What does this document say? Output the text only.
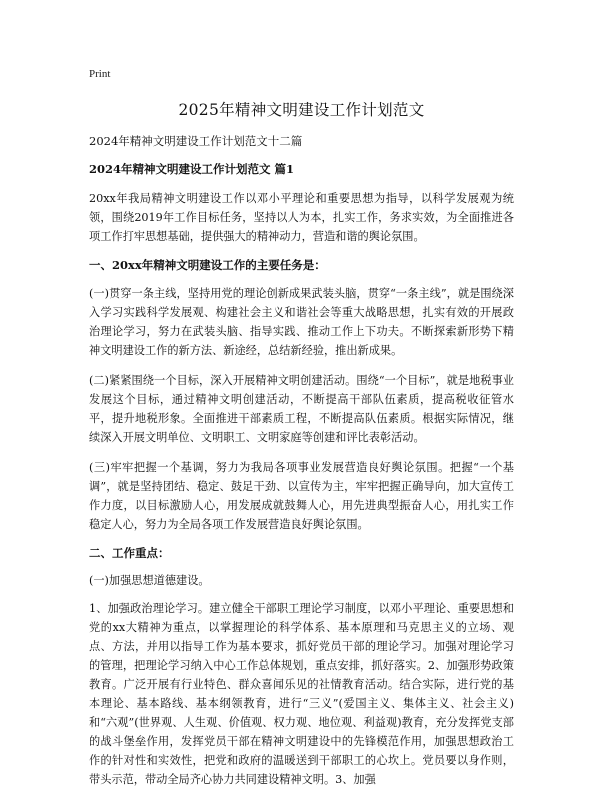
Print
2025年精神文明建设工作计划范文
2024年精神文明建设工作计划范文十二篇
2024年精神文明建设工作计划范文 篇1

20xx年我局精神文明建设工作以邓小平理论和重要思想为指导，以科学发展观为统领，围绕2019年工作目标任务，坚持以人为本，扎实工作，务求实效，为全面推进各项工作打牢思想基础，提供强大的精神动力，营造和谐的舆论氛围。

一、20xx年精神文明建设工作的主要任务是：

(一)贯穿一条主线，坚持用党的理论创新成果武装头脑，贯穿“一条主线”，就是围绕深入学习实践科学发展观、构建社会主义和谐社会等重大战略思想，扎实有效的开展政治理论学习，努力在武装头脑、指导实践、推动工作上下功夫。不断探索新形势下精神文明建设工作的新方法、新途经，总结新经验，推出新成果。

(二)紧紧围绕一个目标，深入开展精神文明创建活动。围绕“一个目标”，就是地税事业发展这个目标，通过精神文明创建活动，不断提高干部队伍素质，提高税收征管水平，提升地税形象。全面推进干部素质工程，不断提高队伍素质。根据实际情况，继续深入开展文明单位、文明职工、文明家庭等创建和评比表彰活动。

(三)牢牢把握一个基调，努力为我局各项事业发展营造良好舆论氛围。把握“一个基调”，就是坚持团结、稳定、鼓足干劲、以宣传为主，牢牢把握正确导向，加大宣传工作力度，以目标激励人心，用发展成就鼓舞人心，用先进典型振奋人心，用扎实工作稳定人心，努力为全局各项工作发展营造良好舆论氛围。

二、工作重点：
(一)加强思想道德建设。

1、加强政治理论学习。建立健全干部职工理论学习制度，以邓小平理论、重要思想和党的xx大精神为重点，以掌握理论的科学体系、基本原理和马克思主义的立场、观点、方法，并用以指导工作为基本要求，抓好党员干部的理论学习。加强对理论学习的管理，把理论学习纳入中心工作总体规划，重点安排，抓好落实。2、加强形势政策教育。广泛开展有行业特色、群众喜闻乐见的社情教育活动。结合实际，进行党的基本理论、基本路线、基本纲领教育，进行“三义”(爱国主义、集体主义、社会主义)和“六观”(世界观、人生观、价值观、权力观、地位观、利益观)教育，充分发挥党支部的战斗堡垒作用，发挥党员干部在精神文明建设中的先锋模范作用，加强思想政治工作的针对性和实效性，把党和政府的温暖送到干部职工的心坎上。党员要以身作则，带头示范，带动全局齐心协力共同建设精神文明。3、加强
